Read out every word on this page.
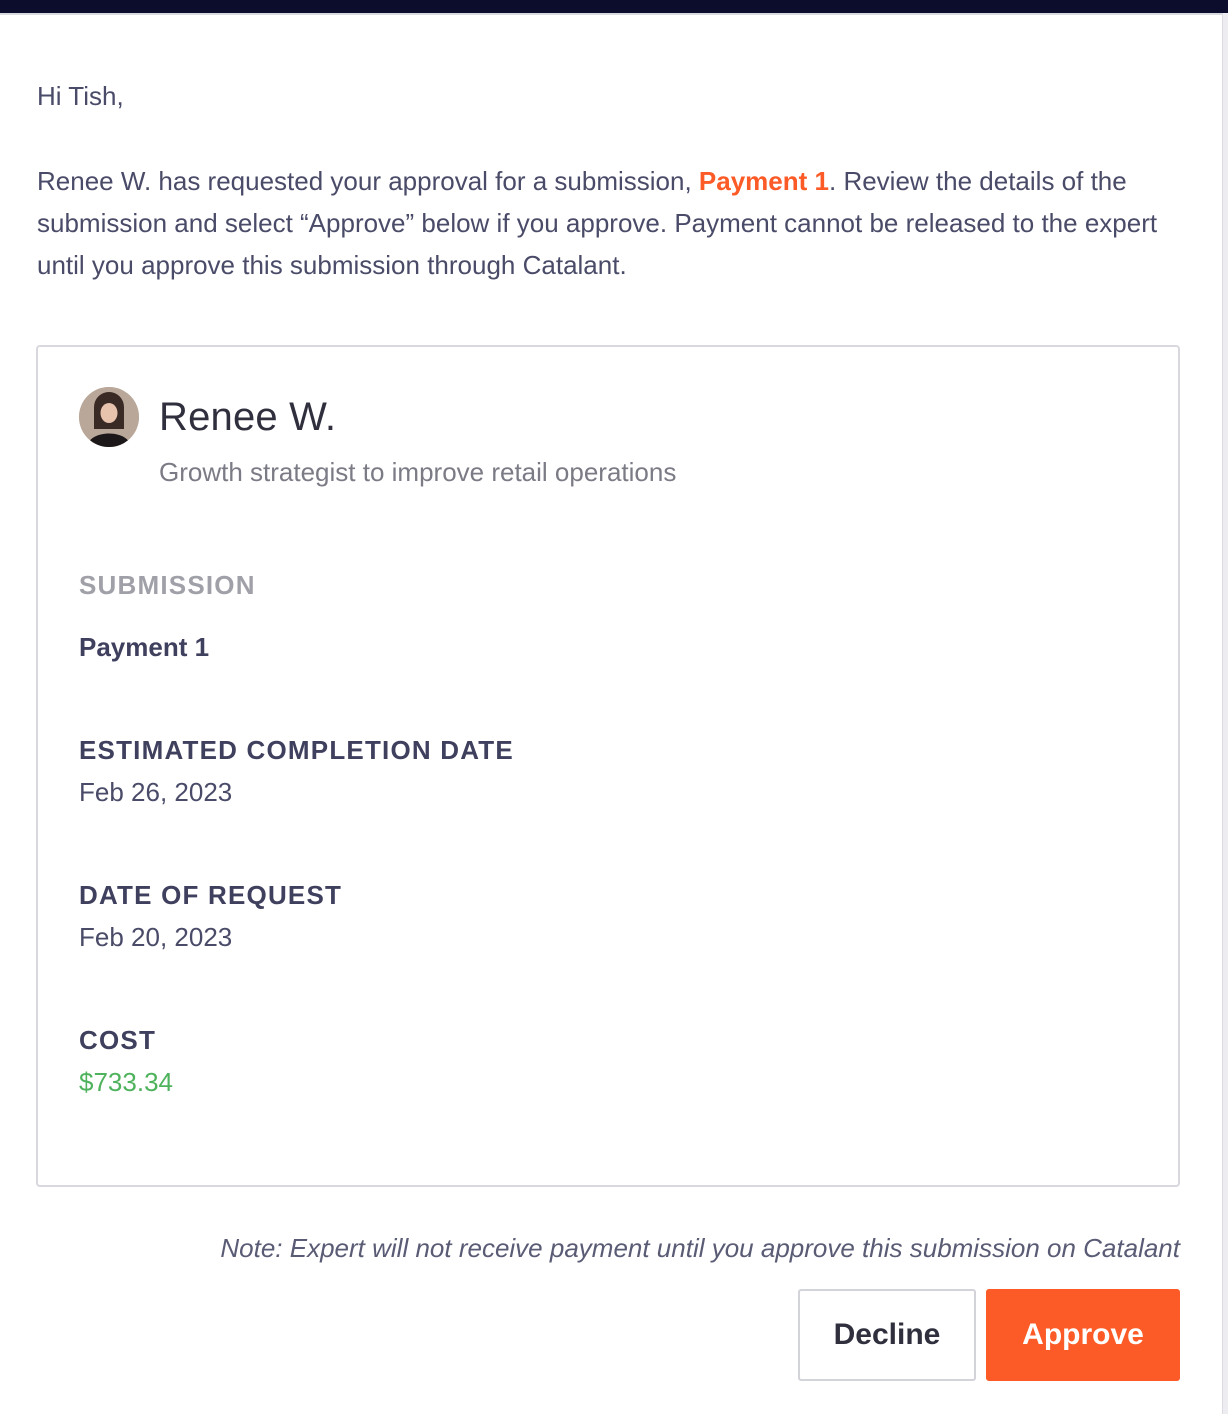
Hi Tish,

Renee W. has requested your approval for a submission, Payment 1. Review the details of the submission and select “Approve” below if you approve. Payment cannot be released to the expert until you approve this submission through Catalant.

Renee W.

Growth strategist to improve retail operations

SUBMISSION
Payment 1
ESTIMATED COMPLETION DATE
Feb 26, 2023
DATE OF REQUEST
Feb 20, 2023
COST
$733.34

Note: Expert will not receive payment until you approve this submission on Catalant

Decline	Approve
